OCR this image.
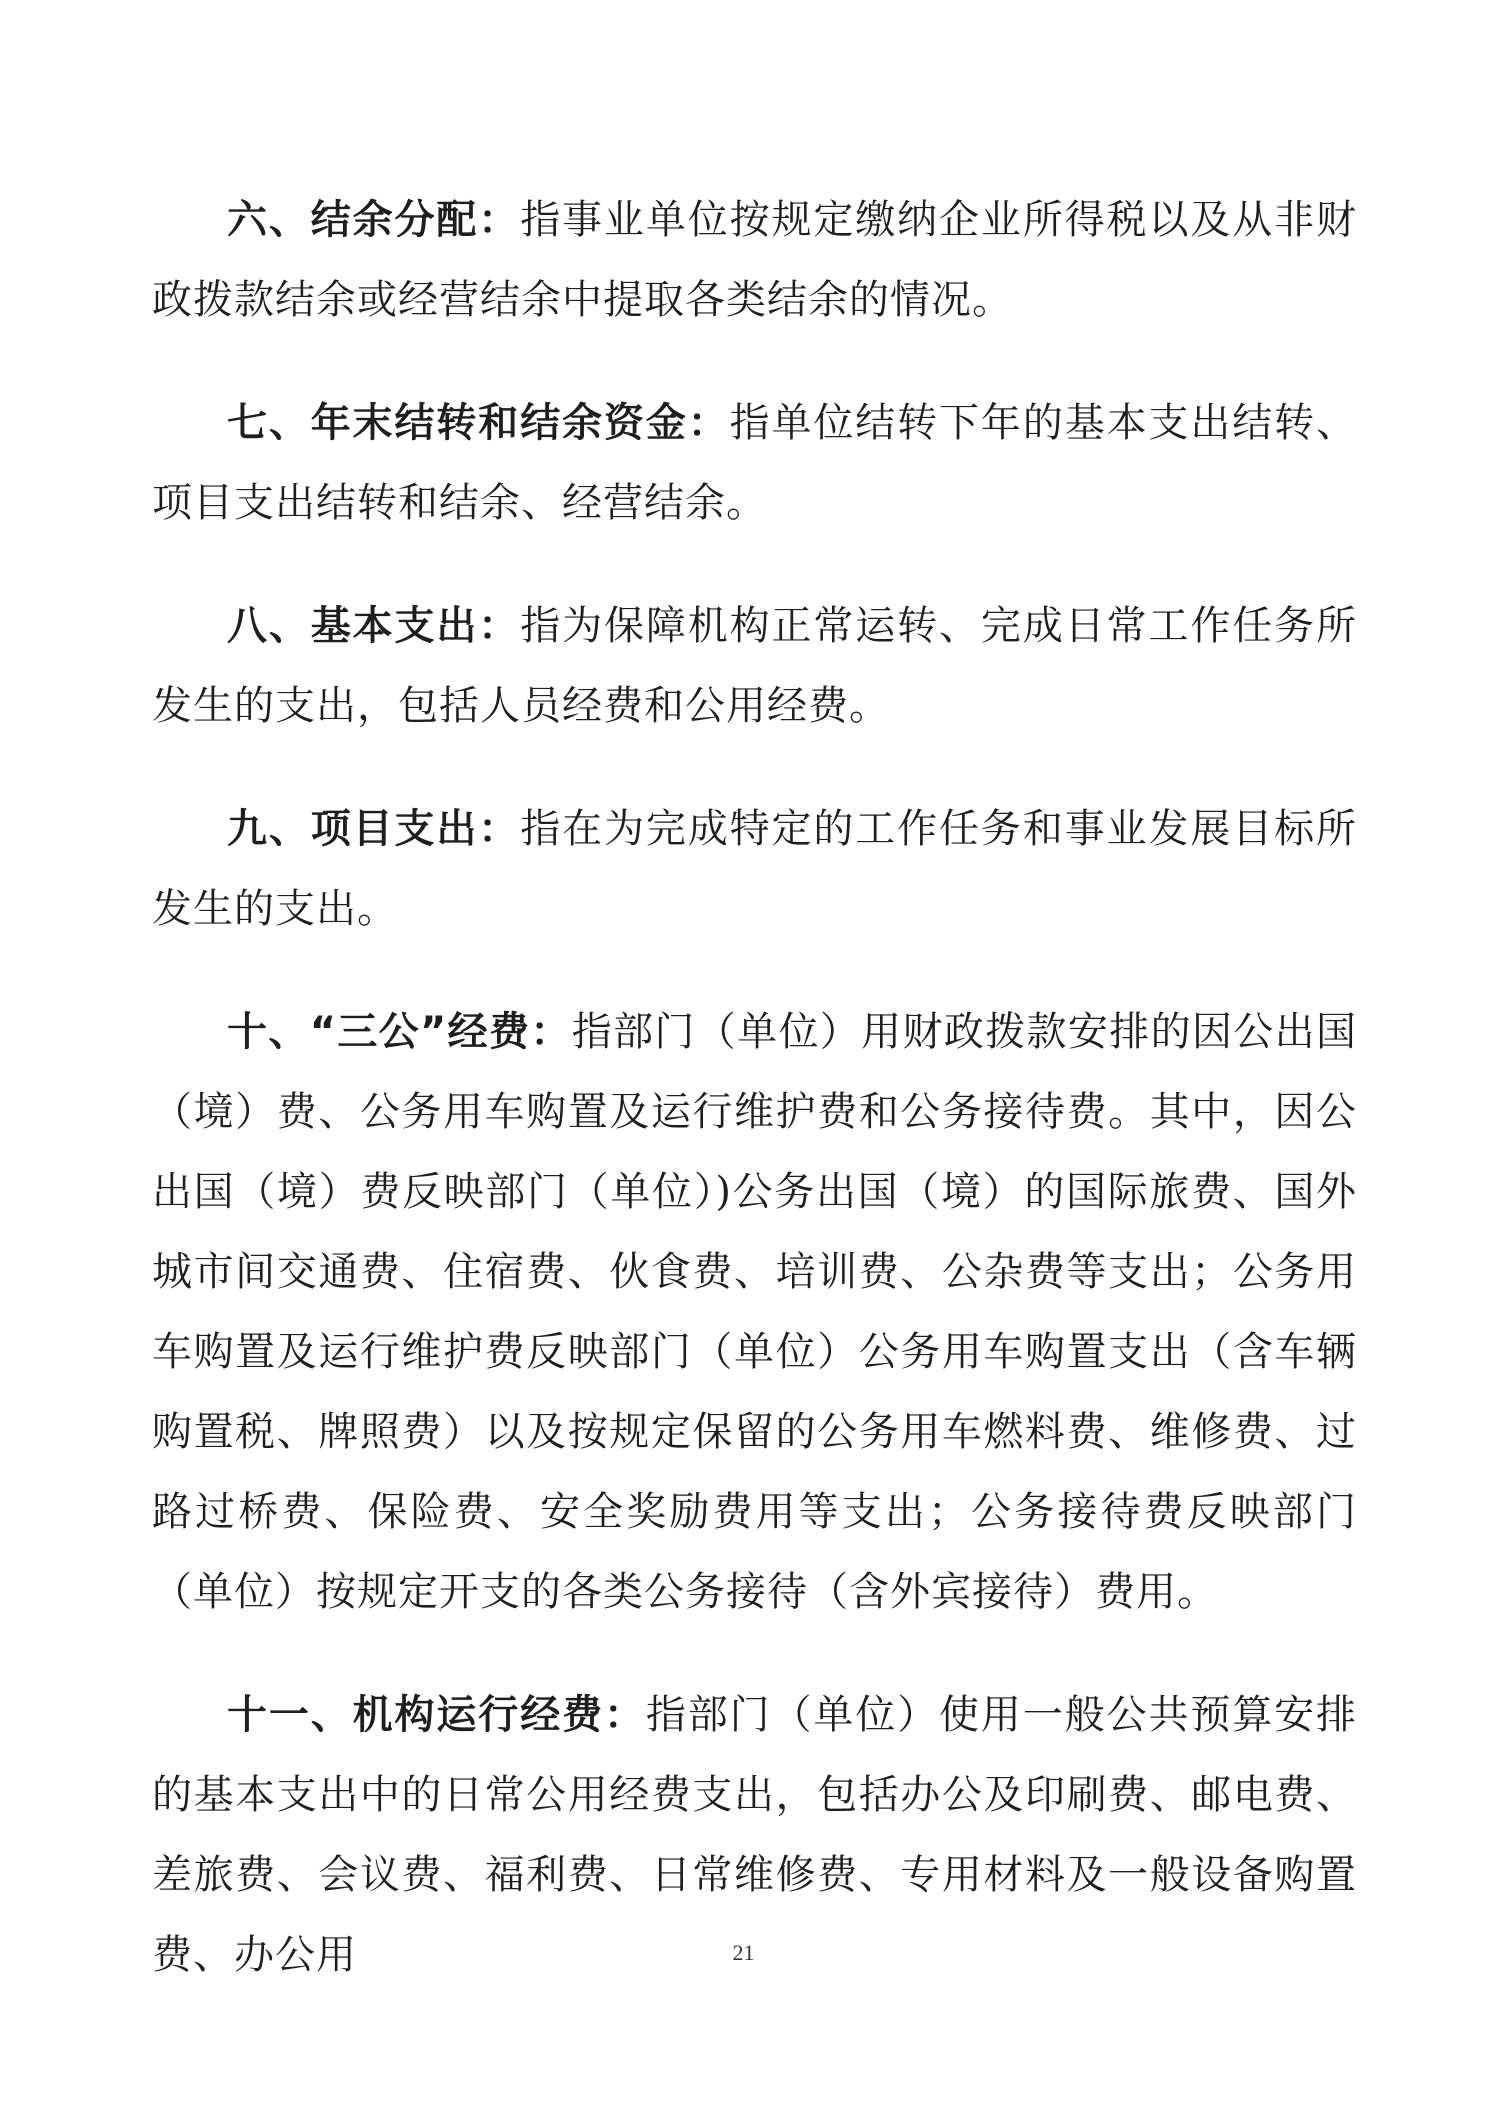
六、结余分配：指事业单位按规定缴纳企业所得税以及从非财政拨款结余或经营结余中提取各类结余的情况。

七、年末结转和结余资金：指单位结转下年的基本支出结转、项目支出结转和结余、经营结余。

八、基本支出：指为保障机构正常运转、完成日常工作任务所发生的支出，包括人员经费和公用经费。

九、项目支出：指在为完成特定的工作任务和事业发展目标所发生的支出。

十、“三公”经费：指部门（单位）用财政拨款安排的因公出国（境）费、公务用车购置及运行维护费和公务接待费。其中，因公出国（境）费反映部门（单位）)公务出国（境）的国际旅费、国外城市间交通费、住宿费、伙食费、培训费、公杂费等支出；公务用车购置及运行维护费反映部门（单位）公务用车购置支出（含车辆购置税、牌照费）以及按规定保留的公务用车燃料费、维修费、过路过桥费、保险费、安全奖励费用等支出；公务接待费反映部门（单位）按规定开支的各类公务接待（含外宾接待）费用。

十一、机构运行经费：指部门（单位）使用一般公共预算安排的基本支出中的日常公用经费支出，包括办公及印刷费、邮电费、差旅费、会议费、福利费、日常维修费、专用材料及一般设备购置费、办公用	21
